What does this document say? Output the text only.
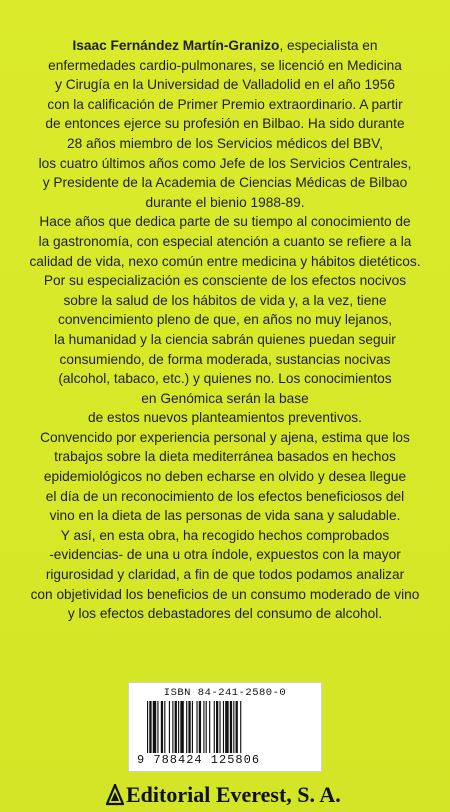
Isaac Fernández Martín-Granizo, especialista en
enfermedades cardio-pulmonares, se licenció en Medicina
y Cirugía en la Universidad de Valladolid en el año 1956
con la calificación de Primer Premio extraordinario. A partir
de entonces ejerce su profesión en Bilbao. Ha sido durante
28 años miembro de los Servicios médicos del BBV,
los cuatro últimos años como Jefe de los Servicios Centrales,
y Presidente de la Academia de Ciencias Médicas de Bilbao
durante el bienio 1988-89.
Hace años que dedica parte de su tiempo al conocimiento de
la gastronomía, con especial atención a cuanto se refiere a la
calidad de vida, nexo común entre medicina y hábitos dietéticos.
Por su especialización es consciente de los efectos nocivos
sobre la salud de los hábitos de vida y, a la vez, tiene
convencimiento pleno de que, en años no muy lejanos,
la humanidad y la ciencia sabrán quienes puedan seguir
consumiendo, de forma moderada, sustancias nocivas
(alcohol, tabaco, etc.) y quienes no. Los conocimientos
en Genómica serán la base
de estos nuevos planteamientos preventivos.
Convencido por experiencia personal y ajena, estima que los
trabajos sobre la dieta mediterránea basados en hechos
epidemiológicos no deben echarse en olvido y desea llegue
el día de un reconocimiento de los efectos beneficiosos del
vino en la dieta de las personas de vida sana y saludable.
Y así, en esta obra, ha recogido hechos comprobados
-evidencias- de una u otra índole, expuestos con la mayor
rigurosidad y claridad, a fin de que todos podamos analizar
con objetividad los beneficios de un consumo moderado de vino
y los efectos debastadores del consumo de alcohol.
ISBN 84-241-2580-0
9 788424 125806
Editorial Everest, S. A.
